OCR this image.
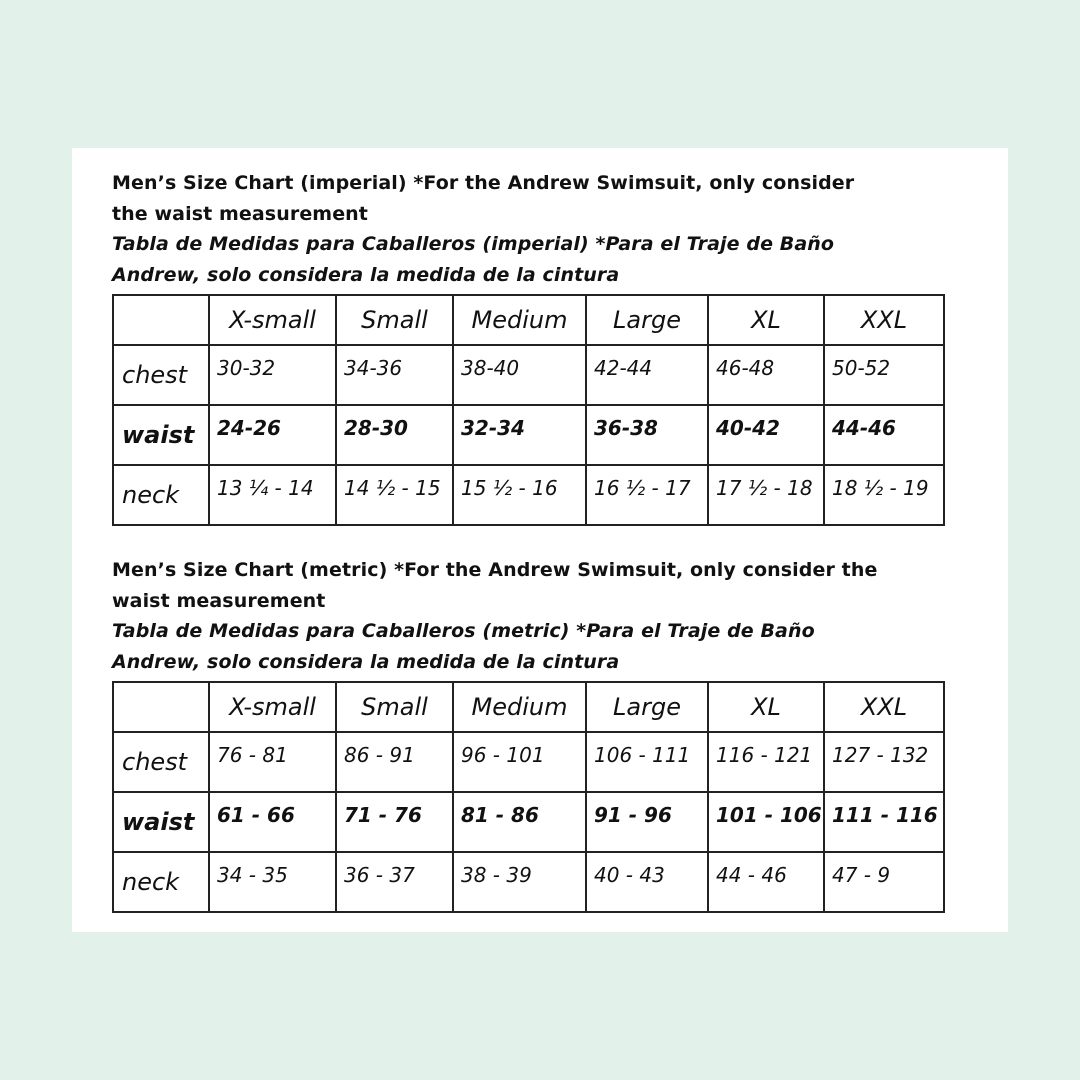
Men’s Size Chart (imperial) *For the Andrew Swimsuit, only consider

the waist measurement

Tabla de Medidas para Caballeros (imperial) *Para el Traje de Baño

Andrew, solo considera la medida de la cintura

	X-small	Small	Medium	Large	XL	XXL
chest	30-32	34-36	38-40	42-44	46-48	50-52
waist	24-26	28-30	32-34	36-38	40-42	44-46
neck	13 ¼ - 14	14 ½ - 15	15 ½ - 16	16 ½ - 17	17 ½ - 18	18 ½ - 19

Men’s Size Chart (metric) *For the Andrew Swimsuit, only consider the

waist measurement

Tabla de Medidas para Caballeros (metric) *Para el Traje de Baño

Andrew, solo considera la medida de la cintura

	X-small	Small	Medium	Large	XL	XXL
chest	76 - 81	86 - 91	96 - 101	106 - 111	116 - 121	127 - 132
waist	61 - 66	71 - 76	81 - 86	91 - 96	101 - 106	111 - 116
neck	34 - 35	36 - 37	38 - 39	40 - 43	44 - 46	47 - 9
